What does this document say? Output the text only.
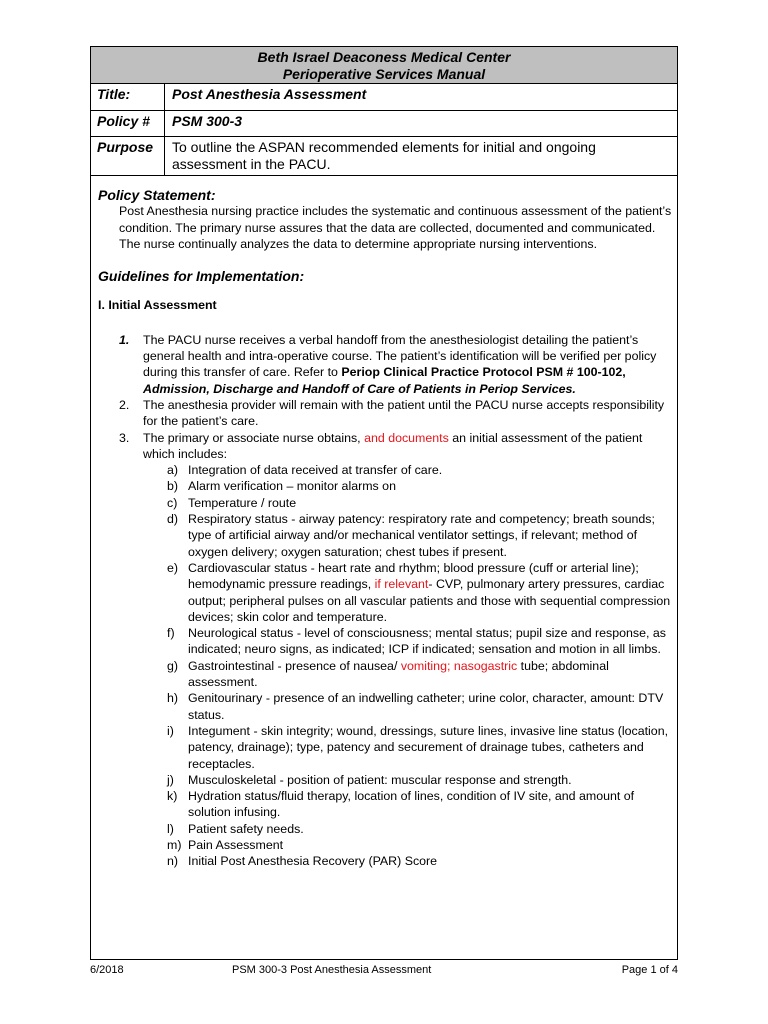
Beth Israel Deaconess Medical Center
Perioperative Services Manual
Title:	Post Anesthesia Assessment
Policy # PSM 300-3
Purpose To outline the ASPAN recommended elements for initial and ongoing assessment in the PACU.

Policy Statement:

Post Anesthesia nursing practice includes the systematic and continuous assessment of the patient’s condition. The primary nurse assures that the data are collected, documented and communicated. The nurse continually analyzes the data to determine appropriate nursing interventions.

Guidelines for Implementation:

I. Initial Assessment

1. The PACU nurse receives a verbal handoff from the anesthesiologist detailing the patient’s general health and intra-operative course. The patient’s identification will be verified per policy during this transfer of care. Refer to Periop Clinical Practice Protocol PSM # 100-102, Admission, Discharge and Handoff of Care of Patients in Periop Services.
2. The anesthesia provider will remain with the patient until the PACU nurse accepts responsibility for the patient’s care.
3. The primary or associate nurse obtains, and documents an initial assessment of the patient which includes:
a) Integration of data received at transfer of care.
b) Alarm verification – monitor alarms on
c) Temperature / route
d) Respiratory status - airway patency: respiratory rate and competency; breath sounds; type of artificial airway and/or mechanical ventilator settings, if relevant; method of oxygen delivery; oxygen saturation; chest tubes if present.
e) Cardiovascular status - heart rate and rhythm; blood pressure (cuff or arterial line); hemodynamic pressure readings, if relevant- CVP, pulmonary artery pressures, cardiac output; peripheral pulses on all vascular patients and those with sequential compression devices; skin color and temperature.
f) Neurological status - level of consciousness; mental status; pupil size and response, as indicated; neuro signs, as indicated; ICP if indicated; sensation and motion in all limbs.
g) Gastrointestinal - presence of nausea/ vomiting; nasogastric tube; abdominal assessment.
h) Genitourinary - presence of an indwelling catheter; urine color, character, amount: DTV status.
i) Integument - skin integrity; wound, dressings, suture lines, invasive line status (location, patency, drainage); type, patency and securement of drainage tubes, catheters and receptacles.
j) Musculoskeletal - position of patient: muscular response and strength.
k) Hydration status/fluid therapy, location of lines, condition of IV site, and amount of solution infusing.
l) Patient safety needs.
m) Pain Assessment
n) Initial Post Anesthesia Recovery (PAR) Score
6/2018	PSM 300-3 Post Anesthesia Assessment	Page 1 of 4
